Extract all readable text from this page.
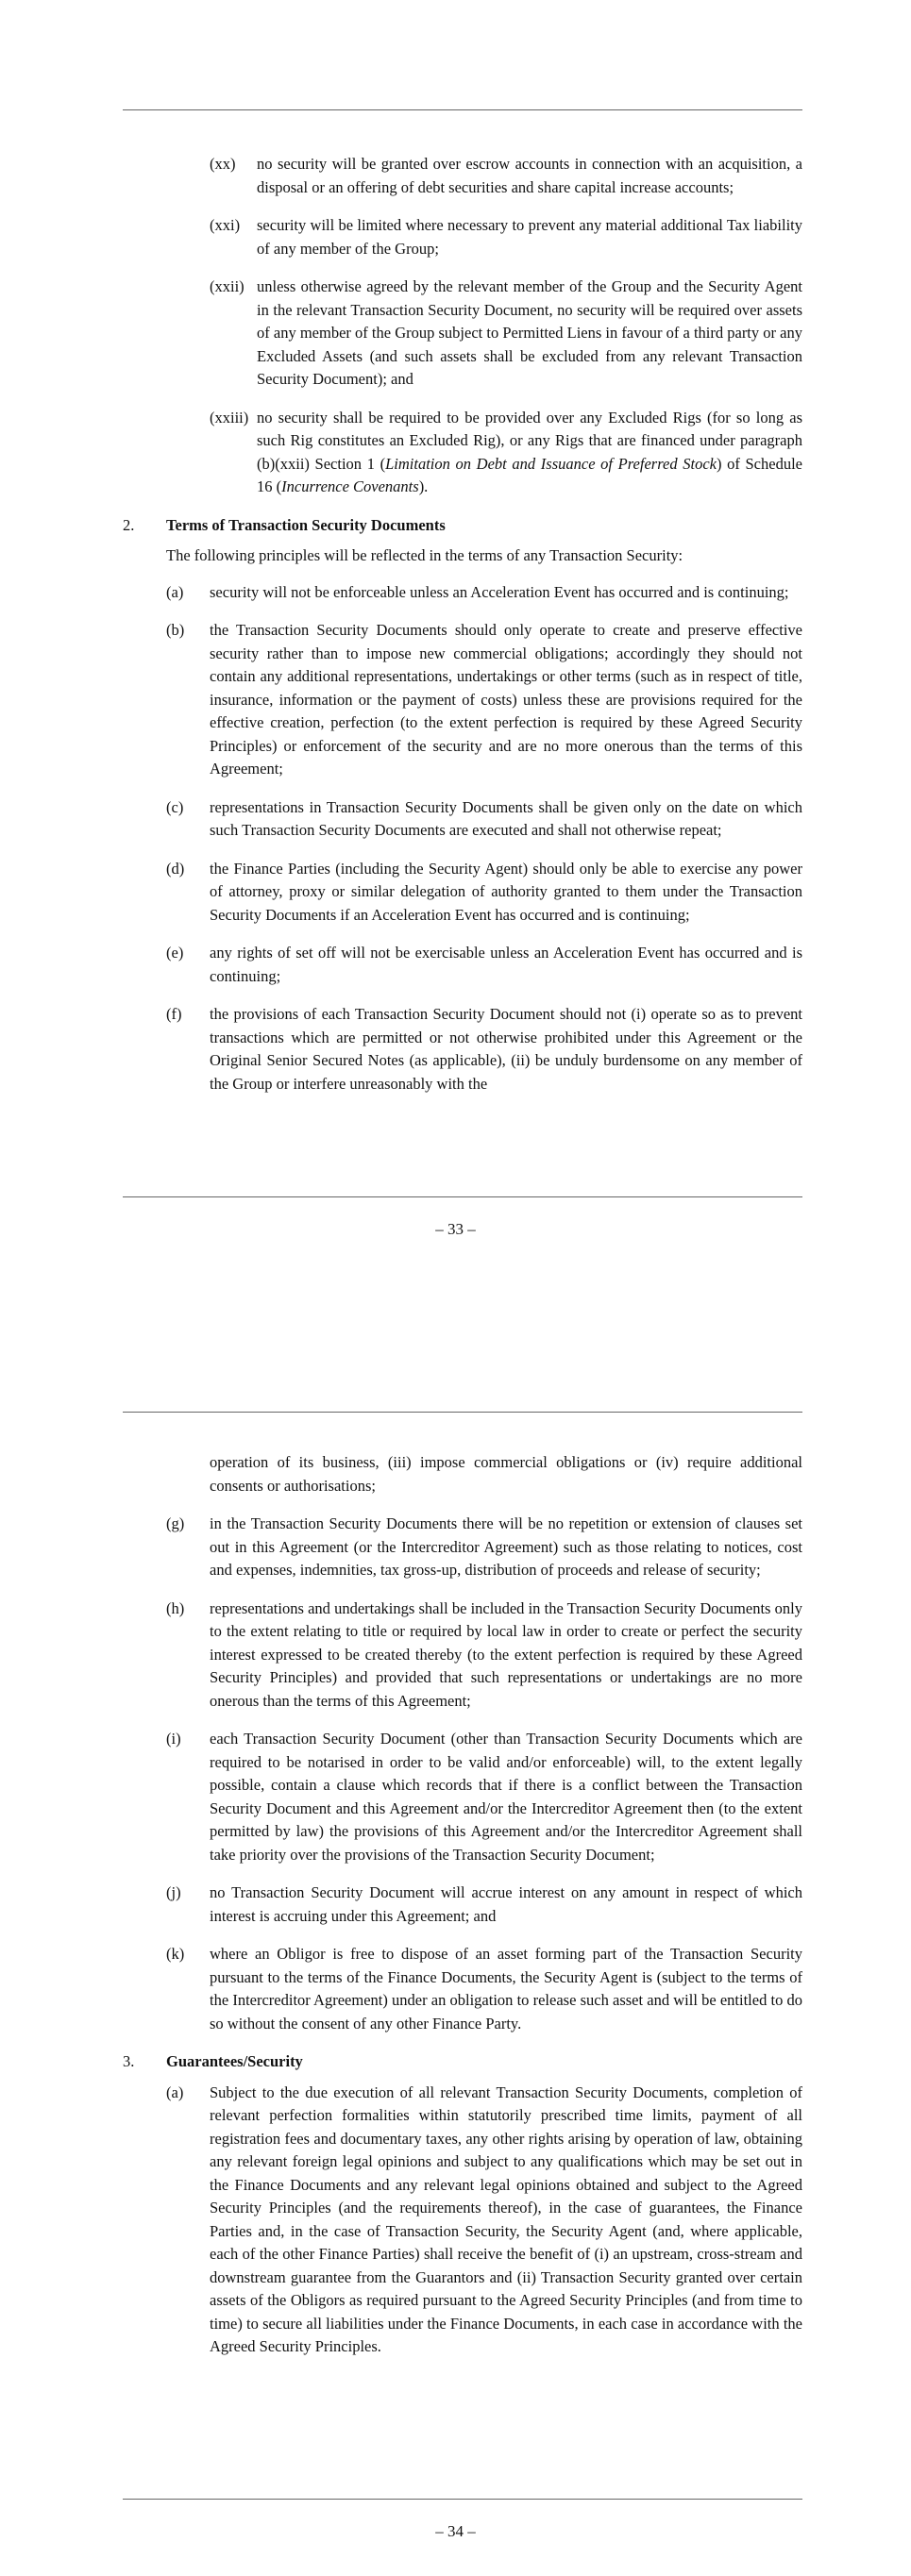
(xx) no security will be granted over escrow accounts in connection with an acquisition, a disposal or an offering of debt securities and share capital increase accounts;
(xxi) security will be limited where necessary to prevent any material additional Tax liability of any member of the Group;
(xxii) unless otherwise agreed by the relevant member of the Group and the Security Agent in the relevant Transaction Security Document, no security will be required over assets of any member of the Group subject to Permitted Liens in favour of a third party or any Excluded Assets (and such assets shall be excluded from any relevant Transaction Security Document); and
(xxiii) no security shall be required to be provided over any Excluded Rigs (for so long as such Rig constitutes an Excluded Rig), or any Rigs that are financed under paragraph (b)(xxii) Section 1 (Limitation on Debt and Issuance of Preferred Stock) of Schedule 16 (Incurrence Covenants).
2. Terms of Transaction Security Documents
The following principles will be reflected in the terms of any Transaction Security:
(a) security will not be enforceable unless an Acceleration Event has occurred and is continuing;
(b) the Transaction Security Documents should only operate to create and preserve effective security rather than to impose new commercial obligations; accordingly they should not contain any additional representations, undertakings or other terms (such as in respect of title, insurance, information or the payment of costs) unless these are provisions required for the effective creation, perfection (to the extent perfection is required by these Agreed Security Principles) or enforcement of the security and are no more onerous than the terms of this Agreement;
(c) representations in Transaction Security Documents shall be given only on the date on which such Transaction Security Documents are executed and shall not otherwise repeat;
(d) the Finance Parties (including the Security Agent) should only be able to exercise any power of attorney, proxy or similar delegation of authority granted to them under the Transaction Security Documents if an Acceleration Event has occurred and is continuing;
(e) any rights of set off will not be exercisable unless an Acceleration Event has occurred and is continuing;
(f) the provisions of each Transaction Security Document should not (i) operate so as to prevent transactions which are permitted or not otherwise prohibited under this Agreement or the Original Senior Secured Notes (as applicable), (ii) be unduly burdensome on any member of the Group or interfere unreasonably with the
– 33 –
operation of its business, (iii) impose commercial obligations or (iv) require additional consents or authorisations;
(g) in the Transaction Security Documents there will be no repetition or extension of clauses set out in this Agreement (or the Intercreditor Agreement) such as those relating to notices, cost and expenses, indemnities, tax gross-up, distribution of proceeds and release of security;
(h) representations and undertakings shall be included in the Transaction Security Documents only to the extent relating to title or required by local law in order to create or perfect the security interest expressed to be created thereby (to the extent perfection is required by these Agreed Security Principles) and provided that such representations or undertakings are no more onerous than the terms of this Agreement;
(i) each Transaction Security Document (other than Transaction Security Documents which are required to be notarised in order to be valid and/or enforceable) will, to the extent legally possible, contain a clause which records that if there is a conflict between the Transaction Security Document and this Agreement and/or the Intercreditor Agreement then (to the extent permitted by law) the provisions of this Agreement and/or the Intercreditor Agreement shall take priority over the provisions of the Transaction Security Document;
(j) no Transaction Security Document will accrue interest on any amount in respect of which interest is accruing under this Agreement; and
(k) where an Obligor is free to dispose of an asset forming part of the Transaction Security pursuant to the terms of the Finance Documents, the Security Agent is (subject to the terms of the Intercreditor Agreement) under an obligation to release such asset and will be entitled to do so without the consent of any other Finance Party.
3. Guarantees/Security
(a) Subject to the due execution of all relevant Transaction Security Documents, completion of relevant perfection formalities within statutorily prescribed time limits, payment of all registration fees and documentary taxes, any other rights arising by operation of law, obtaining any relevant foreign legal opinions and subject to any qualifications which may be set out in the Finance Documents and any relevant legal opinions obtained and subject to the Agreed Security Principles (and the requirements thereof), in the case of guarantees, the Finance Parties and, in the case of Transaction Security, the Security Agent (and, where applicable, each of the other Finance Parties) shall receive the benefit of (i) an upstream, cross-stream and downstream guarantee from the Guarantors and (ii) Transaction Security granted over certain assets of the Obligors as required pursuant to the Agreed Security Principles (and from time to time) to secure all liabilities under the Finance Documents, in each case in accordance with the Agreed Security Principles.
– 34 –
